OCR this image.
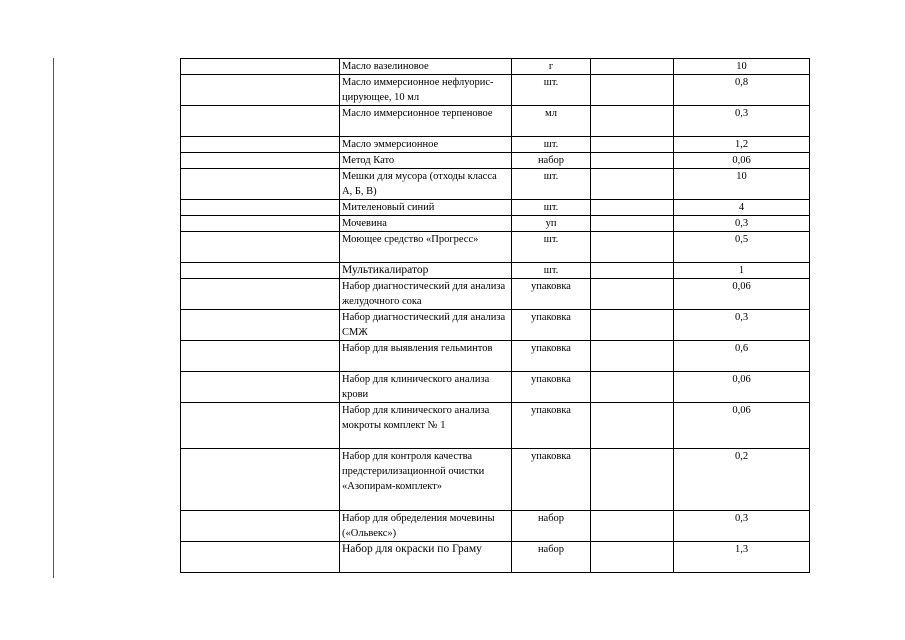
	Масло вазелиновое	г		10
	Масло иммерсионное нефлуорис-цирующее, 10 мл	шт.		0,8
	Масло иммерсионное терпеновое	мл		0,3
	Масло эммерсионное	шт.		1,2
	Метод Като	набор		0,06
	Мешки для мусора (отходы класса А, Б, В)	шт.		10
	Мителеновый синий	шт.		4
	Мочевина	уп		0,3
	Моющее средство «Прогресс»	шт.		0,5
	Мультикалиратор	шт.		1
	Набор диагностический для анализа желудочного сока	упаковка		0,06
	Набор диагностический для анализа СМЖ	упаковка		0,3
	Набор для выявления гельминтов	упаковка		0,6
	Набор для клинического анализа крови	упаковка		0,06
	Набор для клинического анализа мокроты комплект № 1	упаковка		0,06
	Набор для контроля качества предстерилизационной очистки «Азопирам-комплект»	упаковка		0,2
	Набор для обределения мочевины («Ольвекс»)	набор		0,3
	Набор для окраски по Граму	набор		1,3
